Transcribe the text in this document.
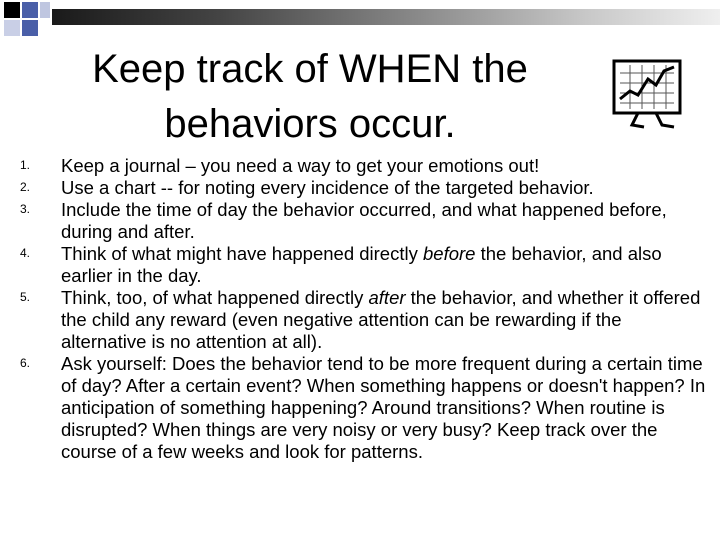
Keep track of WHEN the behaviors occur.
1.	Keep a journal – you need a way to get your emotions out!
2.	Use a chart -- for noting every incidence of the targeted behavior.
3.	Include the time of day the behavior occurred, and what happened before, during and after.
4.	Think of what might have happened directly before the behavior, and also earlier in the day.
5.	Think, too, of what happened directly after the behavior, and whether it offered the child any reward (even negative attention can be rewarding if the alternative is no attention at all).
6.	Ask yourself: Does the behavior tend to be more frequent during a certain time of day? After a certain event? When something happens or doesn't happen? In anticipation of something happening? Around transitions? When routine is disrupted? When things are very noisy or very busy? Keep track over the course of a few weeks and look for patterns.
